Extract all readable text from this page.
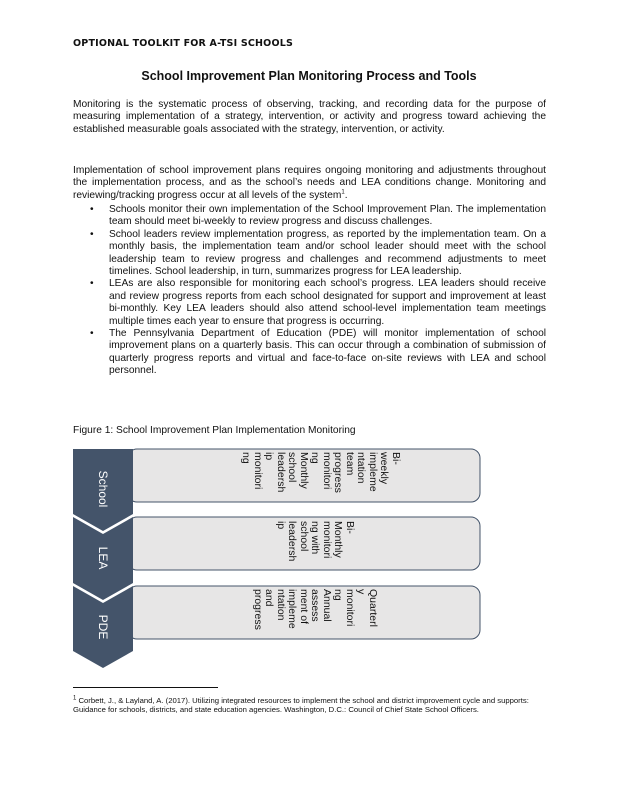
OPTIONAL TOOLKIT FOR A-TSI SCHOOLS
School Improvement Plan Monitoring Process and Tools

Monitoring is the systematic process of observing, tracking, and recording data for the purpose of measuring implementation of a strategy, intervention, or activity and progress toward achieving the established measurable goals associated with the strategy, intervention, or activity.

Implementation of school improvement plans requires ongoing monitoring and adjustments throughout the implementation process, and as the school’s needs and LEA conditions change. Monitoring and reviewing/tracking progress occur at all levels of the system$^1$.

• Schools monitor their own implementation of the School Improvement Plan. The implementation team should meet bi-weekly to review progress and discuss challenges.
• School leaders review implementation progress, as reported by the implementation team. On a monthly basis, the implementation team and/or school leader should meet with the school leadership team to review progress and challenges and recommend adjustments to meet timelines. School leadership, in turn, summarizes progress for LEA leadership.
• LEAs are also responsible for monitoring each school’s progress. LEA leaders should receive and review progress reports from each school designated for support and improvement at least bi-monthly. Key LEA leaders should also attend school-level implementation team meetings multiple times each year to ensure that progress is occurring.
• The Pennsylvania Department of Education (PDE) will monitor implementation of school improvement plans on a quarterly basis. This can occur through a combination of submission of quarterly progress reports and virtual and face-to-face on-site reviews with LEA and school personnel.
Figure 1: School Improvement Plan Implementation Monitoring
School
LEA
PDE
Bi-
weekly
impleme
ntation
team
progress
monitori
ng
Monthly
school
leadersh
ip
monitori
ng
Bi-
Monthly
monitori
ng with
school
leadersh
ip
Quarterl
y
monitori
ng
Annual
assess
ment of
impleme
ntation
and
progress

$^1$ Corbett, J., & Layland, A. (2017). Utilizing integrated resources to implement the school and district improvement cycle and supports: Guidance for schools, districts, and state education agencies. Washington, D.C.: Council of Chief State School Officers.
